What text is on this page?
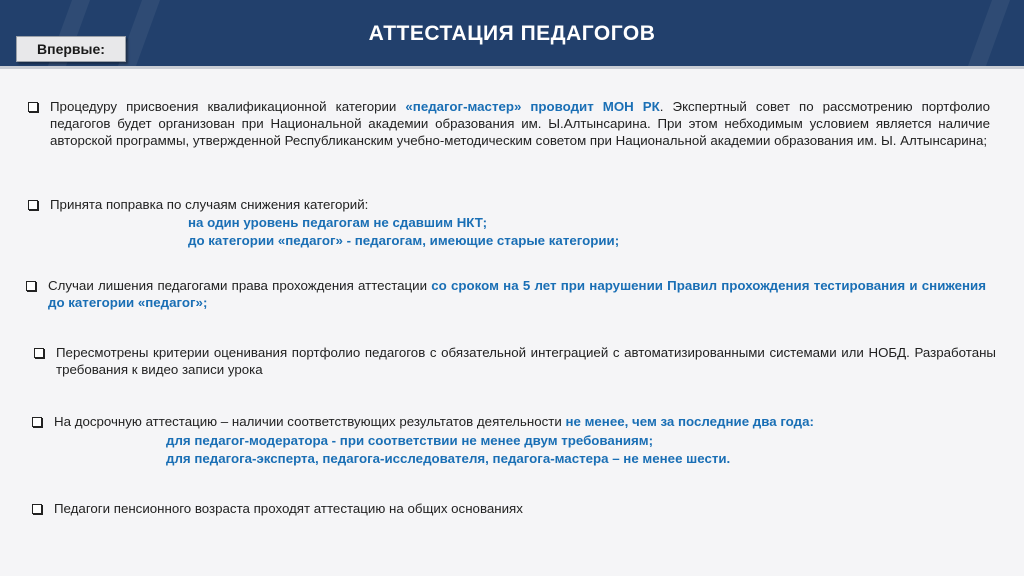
АТТЕСТАЦИЯ ПЕДАГОГОВ
Впервые:
Процедуру присвоения квалификационной категории «педагог-мастер» проводит МОН РК. Экспертный совет по рассмотрению портфолио педагогов будет организован при Национальной академии образования им. Ы.Алтынсарина. При этом небходимым условием является наличие авторской программы, утвержденной Республиканским учебно-методическим советом при Национальной академии образования им. Ы. Алтынсарина;
Принята поправка по случаям снижения категорий:
на один уровень педагогам не сдавшим НКТ;
до категории «педагог» - педагогам, имеющие старые категории;
Случаи лишения педагогами права прохождения аттестации со сроком на 5 лет при нарушении Правил прохождения тестирования и снижения до категории «педагог»;
Пересмотрены критерии оценивания портфолио педагогов с обязательной интеграцией с автоматизированными системами или НОБД. Разработаны требования к видео записи урока
На досрочную аттестацию – наличии соответствующих результатов деятельности не менее, чем за последние два года:
для педагог-модератора - при соответствии не менее двум требованиям;
для педагога-эксперта, педагога-исследователя, педагога-мастера – не менее шести.
Педагоги пенсионного возраста проходят аттестацию на общих основаниях
